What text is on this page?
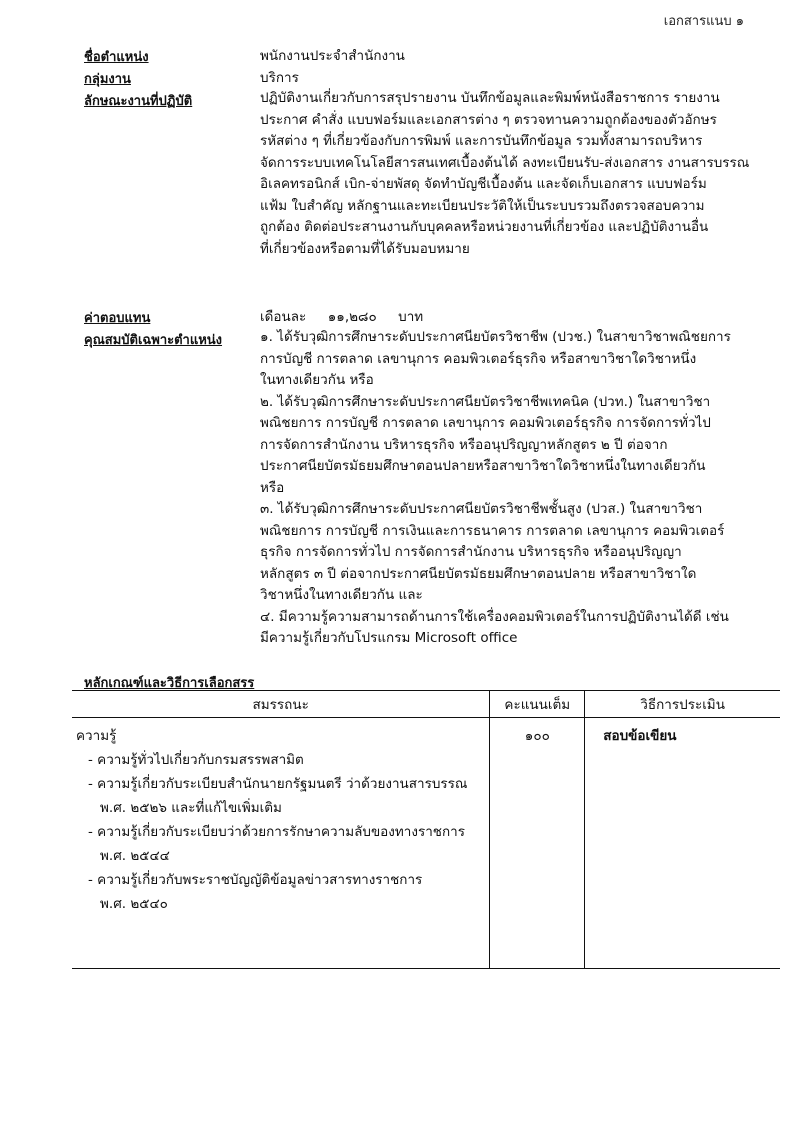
เอกสารแนบ ๑
ชื่อตำแหน่ง	พนักงานประจำสำนักงาน
กลุ่มงาน	บริการ
ลักษณะงานที่ปฏิบัติ	ปฏิบัติงานเกี่ยวกับการสรุปรายงาน บันทึกข้อมูลและพิมพ์หนังสือราชการ รายงาน

ประกาศ คำสั่ง แบบฟอร์มและเอกสารต่าง ๆ ตรวจทานความถูกต้องของตัวอักษร

รหัสต่าง ๆ ที่เกี่ยวข้องกับการพิมพ์ และการบันทึกข้อมูล รวมทั้งสามารถบริหาร

จัดการระบบเทคโนโลยีสารสนเทศเบื้องต้นได้ ลงทะเบียนรับ-ส่งเอกสาร งานสารบรรณ

อิเลคทรอนิกส์ เบิก-จ่ายพัสดุ จัดทำบัญชีเบื้องต้น และจัดเก็บเอกสาร แบบฟอร์ม

แฟ้ม ใบสำคัญ หลักฐานและทะเบียนประวัติให้เป็นระบบรวมถึงตรวจสอบความ

ถูกต้อง ติดต่อประสานงานกับบุคคลหรือหน่วยงานที่เกี่ยวข้อง และปฏิบัติงานอื่น

ที่เกี่ยวข้องหรือตามที่ได้รับมอบหมาย

ค่าตอบแทน	เดือนละ     ๑๑,๒๘๐     บาท
คุณสมบัติเฉพาะตำแหน่ง	๑. ได้รับวุฒิการศึกษาระดับประกาศนียบัตรวิชาชีพ (ปวช.) ในสาขาวิชาพณิชยการ

การบัญชี การตลาด เลขานุการ คอมพิวเตอร์ธุรกิจ หรือสาขาวิชาใดวิชาหนึ่ง

ในทางเดียวกัน หรือ

๒. ได้รับวุฒิการศึกษาระดับประกาศนียบัตรวิชาชีพเทคนิค (ปวท.) ในสาขาวิชา

พณิชยการ การบัญชี การตลาด เลขานุการ คอมพิวเตอร์ธุรกิจ การจัดการทั่วไป

การจัดการสำนักงาน บริหารธุรกิจ หรืออนุปริญญาหลักสูตร ๒ ปี ต่อจาก

ประกาศนียบัตรมัธยมศึกษาตอนปลายหรือสาขาวิชาใดวิชาหนึ่งในทางเดียวกัน

หรือ

๓. ได้รับวุฒิการศึกษาระดับประกาศนียบัตรวิชาชีพชั้นสูง (ปวส.) ในสาขาวิชา

พณิชยการ การบัญชี การเงินและการธนาคาร การตลาด เลขานุการ คอมพิวเตอร์

ธุรกิจ การจัดการทั่วไป การจัดการสำนักงาน บริหารธุรกิจ หรืออนุปริญญา

หลักสูตร ๓ ปี ต่อจากประกาศนียบัตรมัธยมศึกษาตอนปลาย หรือสาขาวิชาใด

วิชาหนึ่งในทางเดียวกัน และ

๔. มีความรู้ความสามารถด้านการใช้เครื่องคอมพิวเตอร์ในการปฏิบัติงานได้ดี เช่น

มีความรู้เกี่ยวกับโปรแกรม Microsoft office

หลักเกณฑ์และวิธีการเลือกสรร
สมรรถนะ	คะแนนเต็ม	วิธีการประเมิน

ความรู้
- ความรู้ทั่วไปเกี่ยวกับกรมสรรพสามิต
- ความรู้เกี่ยวกับระเบียบสำนักนายกรัฐมนตรี ว่าด้วยงานสารบรรณ
พ.ศ. ๒๕๒๖ และที่แก้ไขเพิ่มเติม
- ความรู้เกี่ยวกับระเบียบว่าด้วยการรักษาความลับของทางราชการ
พ.ศ. ๒๕๔๔
- ความรู้เกี่ยวกับพระราชบัญญัติข้อมูลข่าวสารทางราชการ
พ.ศ. ๒๕๔๐

๑๐๐	สอบข้อเขียน
